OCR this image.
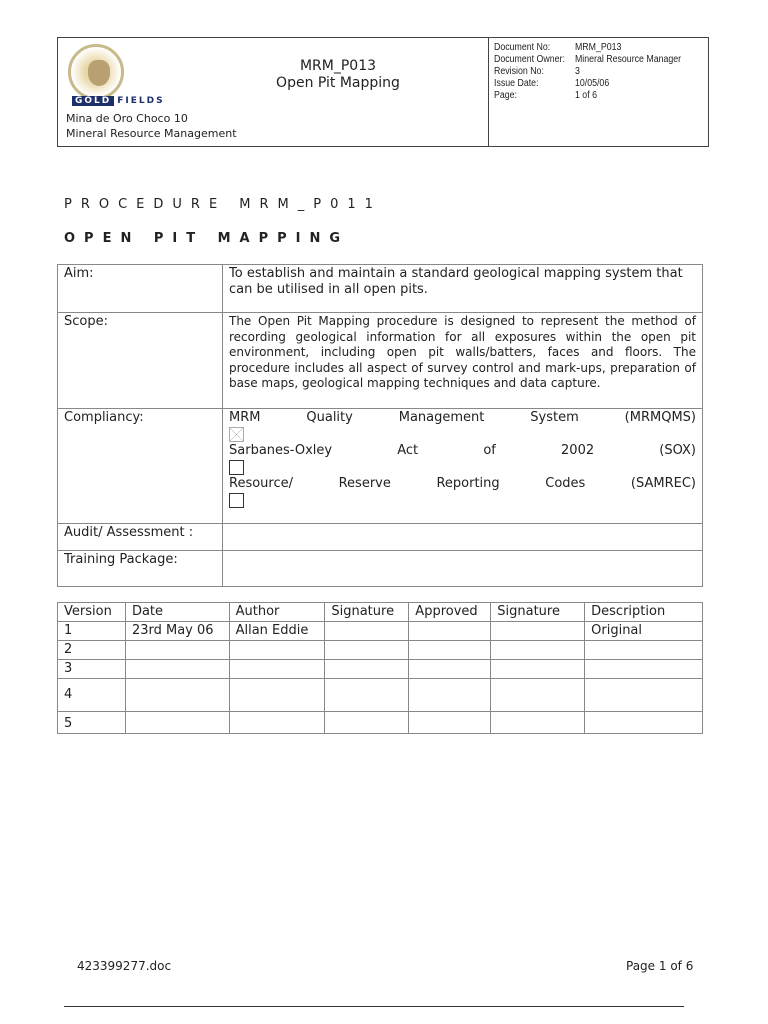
GOLD FIELDS
Mina de Oro Choco 10
Mineral Resource Management
MRM_P013
Open Pit Mapping
Document No:	MRM_P013
Document Owner:	Mineral Resource Manager
Revision No:	3
Issue Date:	10/05/06
Page:	1 of 6
PROCEDURE MRM_P011
OPEN PIT MAPPING
Aim:	To establish and maintain a standard geological mapping system that can be utilised in all open pits.
Scope:	The Open Pit Mapping procedure is designed to represent the method of recording geological information for all exposures within the open pit environment, including open pit walls/batters, faces and floors. The procedure includes all aspect of survey control and mark-ups, preparation of base maps, geological mapping techniques and data capture.
Compliancy:	MRM Quality Management System (MRMQMS)
Sarbanes-Oxley Act of 2002 (SOX)
Resource/ Reserve Reporting Codes (SAMREC)

Audit/ Assessment :	
Training Package:	
Version	Date	Author	Signature	Approved	Signature	Description
1	23rd May 06	Allan Eddie				Original
2						
3						
4						
5						
423399277.doc	Page 1 of 6
